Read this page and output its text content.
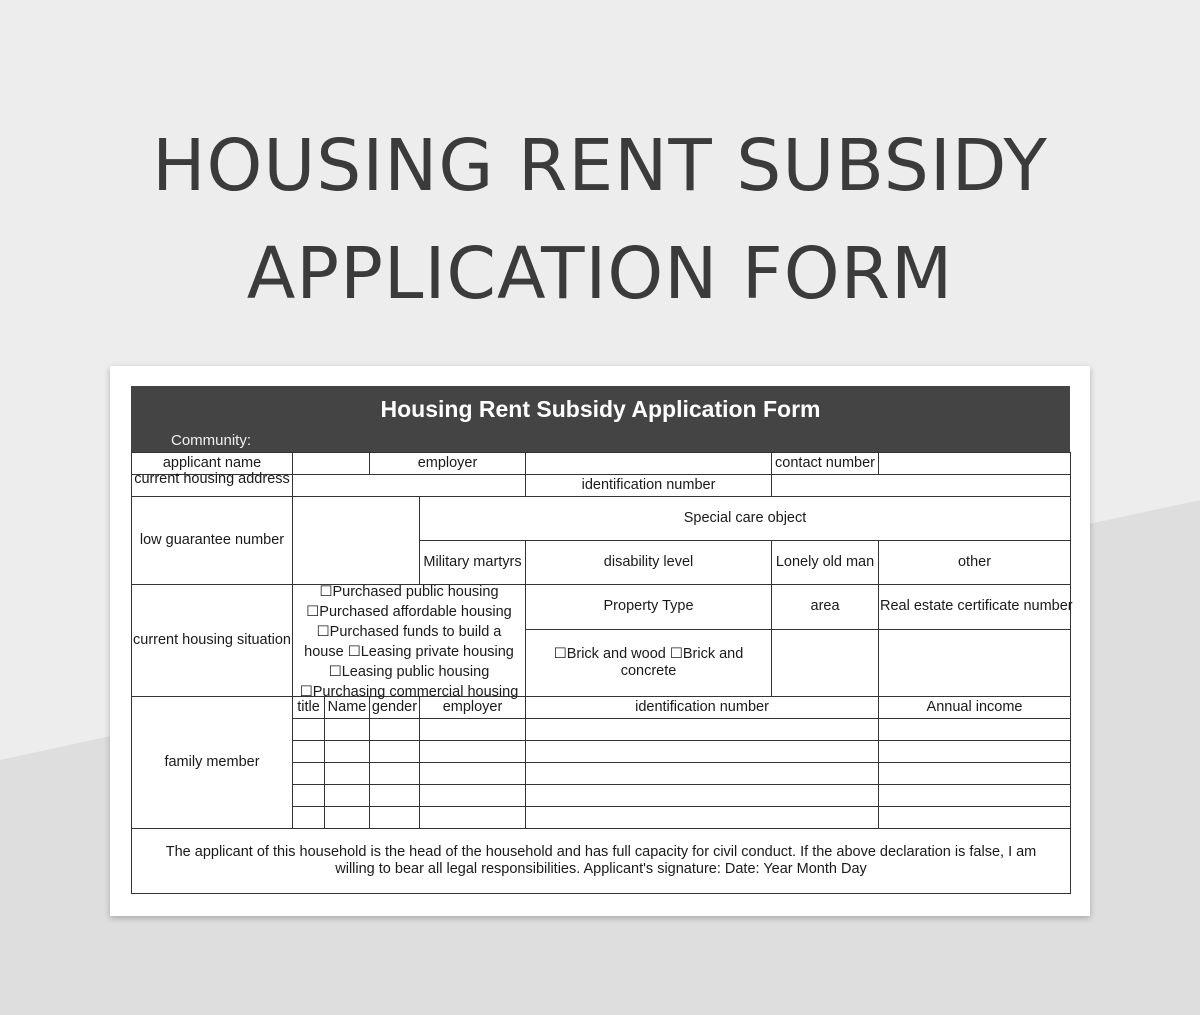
HOUSING RENT SUBSIDY
APPLICATION FORM
Housing Rent Subsidy Application Form
Community:
applicant name			employer			contact number	

current housing address					identification number		
low guarantee number				Special care object			
				Military martyrs	disability level	Lonely old man	other
current housing situation	☐Purchased public housing ☐Purchased affordable housing ☐Purchased funds to build a house ☐Leasing private housing ☐Leasing public housing ☐Purchasing commercial housing				Property Type	area	Real estate certificate number
					☐Brick and wood ☐Brick and concrete		
family member	title	Name	gender	employer	identification number		Annual income

The applicant of this household is the head of the household and has full capacity for civil conduct. If the above declaration is false, I am willing to bear all legal responsibilities. Applicant's signature: Date: Year Month Day							
